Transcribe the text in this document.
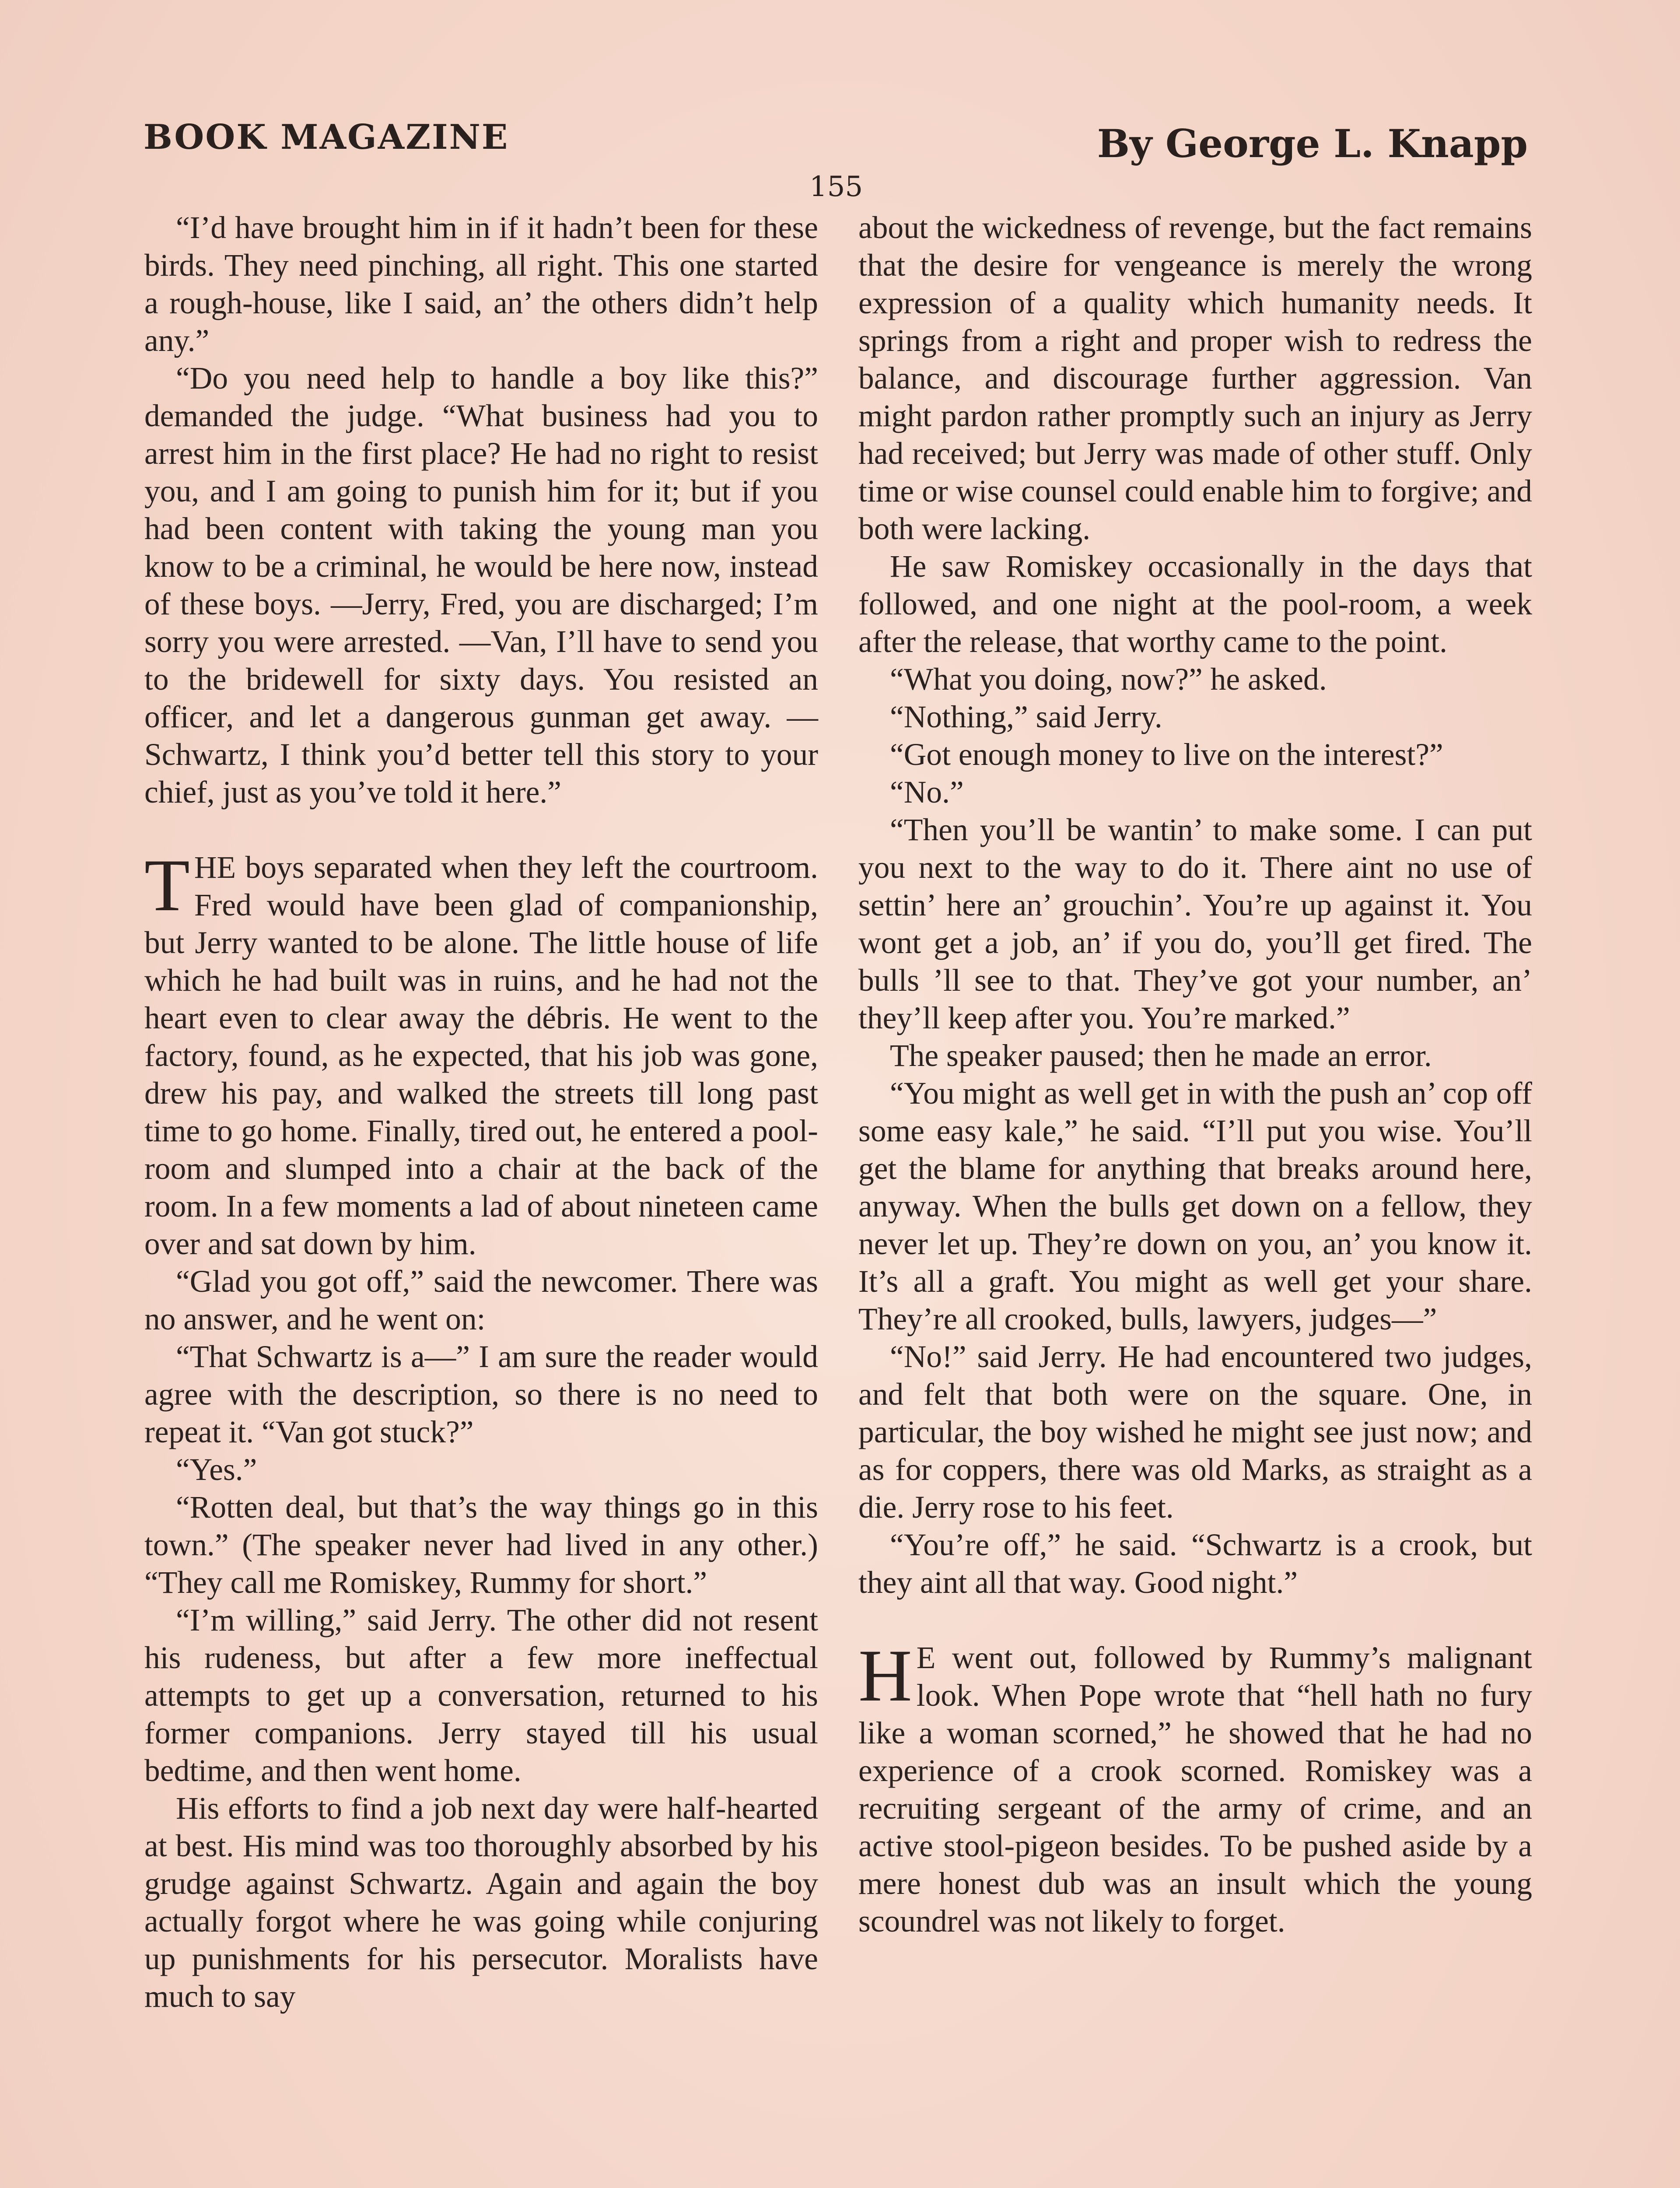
BOOK MAGAZINE	By George L. Knapp
155

“I’d have brought him in if it hadn’t been for these birds. They need pinching, all right. This one started a rough-house, like I said, an’ the others didn’t help any.”

“Do you need help to handle a boy like this?” demanded the judge. “What business had you to arrest him in the first place? He had no right to resist you, and I am going to punish him for it; but if you had been content with taking the young man you know to be a criminal, he would be here now, instead of these boys. —Jerry, Fred, you are discharged; I’m sorry you were arrested. —Van, I’ll have to send you to the bridewell for sixty days. You resisted an officer, and let a dangerous gunman get away. —Schwartz, I think you’d better tell this story to your chief, just as you’ve told it here.”

THE boys separated when they left the courtroom. Fred would have been glad of companionship, but Jerry wanted to be alone. The little house of life which he had built was in ruins, and he had not the heart even to clear away the débris. He went to the factory, found, as he expected, that his job was gone, drew his pay, and walked the streets till long past time to go home. Finally, tired out, he entered a pool-room and slumped into a chair at the back of the room. In a few moments a lad of about nineteen came over and sat down by him.

“Glad you got off,” said the newcomer. There was no answer, and he went on:

“That Schwartz is a—” I am sure the reader would agree with the description, so there is no need to repeat it. “Van got stuck?”

“Yes.”

“Rotten deal, but that’s the way things go in this town.” (The speaker never had lived in any other.) “They call me Romiskey, Rummy for short.”

“I’m willing,” said Jerry. The other did not resent his rudeness, but after a few more ineffectual attempts to get up a conversation, returned to his former companions. Jerry stayed till his usual bedtime, and then went home.

His efforts to find a job next day were half-hearted at best. His mind was too thoroughly absorbed by his grudge against Schwartz. Again and again the boy actually forgot where he was going while conjuring up punishments for his persecutor. Moralists have much to say

about the wickedness of revenge, but the fact remains that the desire for vengeance is merely the wrong expression of a quality which humanity needs. It springs from a right and proper wish to redress the balance, and discourage further aggression. Van might pardon rather promptly such an injury as Jerry had received; but Jerry was made of other stuff. Only time or wise counsel could enable him to forgive; and both were lacking.

He saw Romiskey occasionally in the days that followed, and one night at the pool-room, a week after the release, that worthy came to the point.

“What you doing, now?” he asked.

“Nothing,” said Jerry.

“Got enough money to live on the interest?”

“No.”

“Then you’ll be wantin’ to make some. I can put you next to the way to do it. There aint no use of settin’ here an’ grouchin’. You’re up against it. You wont get a job, an’ if you do, you’ll get fired. The bulls ’ll see to that. They’ve got your number, an’ they’ll keep after you. You’re marked.”

The speaker paused; then he made an error.

“You might as well get in with the push an’ cop off some easy kale,” he said. “I’ll put you wise. You’ll get the blame for anything that breaks around here, anyway. When the bulls get down on a fellow, they never let up. They’re down on you, an’ you know it. It’s all a graft. You might as well get your share. They’re all crooked, bulls, lawyers, judges—”

“No!” said Jerry. He had encountered two judges, and felt that both were on the square. One, in particular, the boy wished he might see just now; and as for coppers, there was old Marks, as straight as a die. Jerry rose to his feet.

“You’re off,” he said. “Schwartz is a crook, but they aint all that way. Good night.”

H E went out, followed by Rummy’s malignant look. When Pope wrote that “hell hath no fury like a woman scorned,” he showed that he had no experience of a crook scorned. Romiskey was a recruiting sergeant of the army of crime, and an active stool-pigeon besides. To be pushed aside by a mere honest dub was an insult which the young scoundrel was not likely to forget.
